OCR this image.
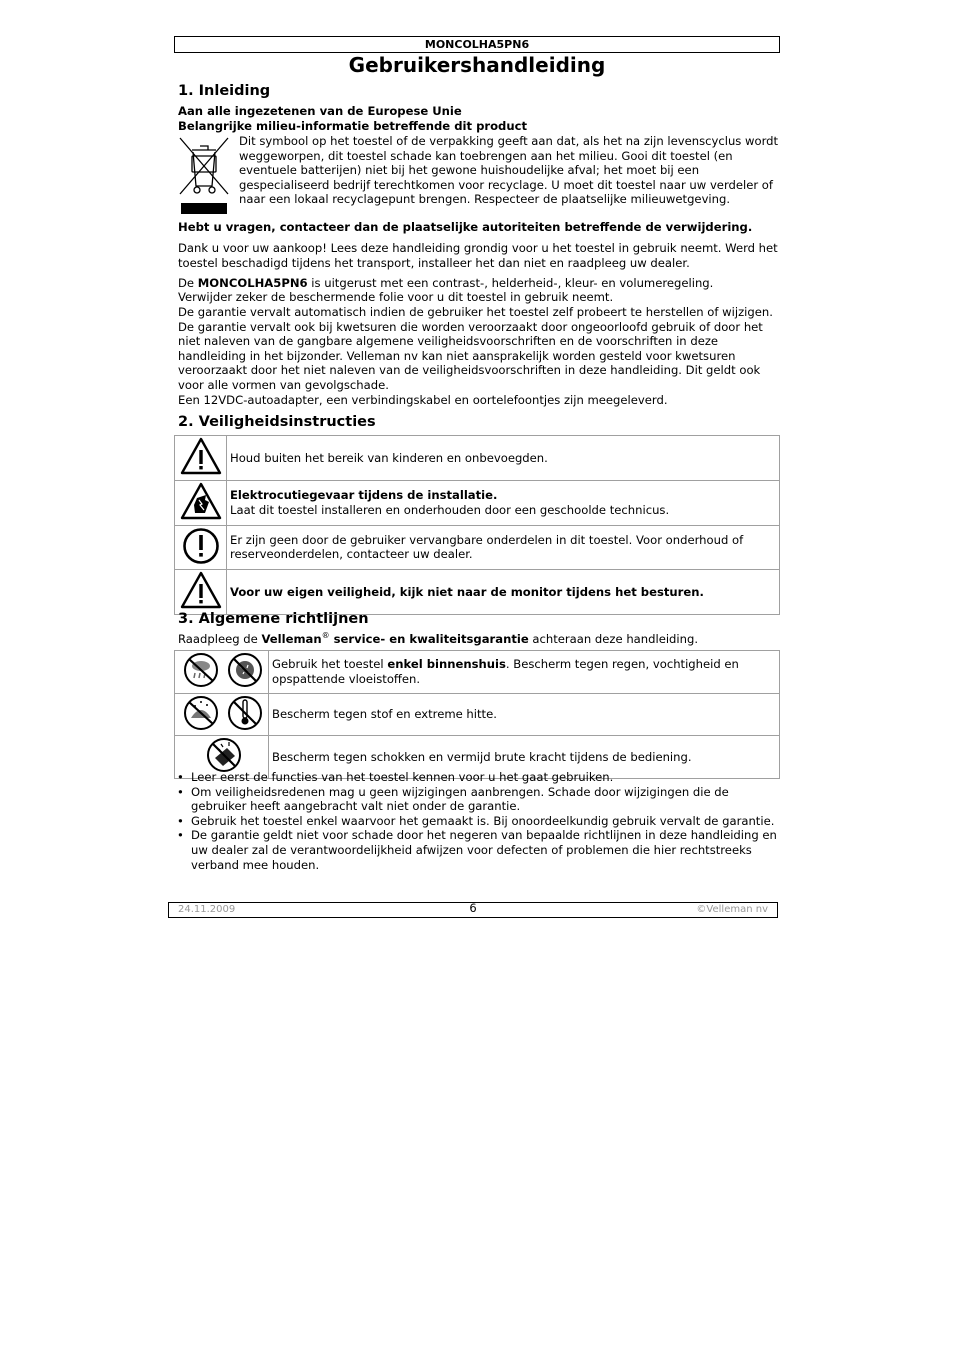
MONCOLHA5PN6
Gebruikershandleiding
1. Inleiding
Aan alle ingezetenen van de Europese Unie
Belangrijke milieu-informatie betreffende dit product
Dit symbool op het toestel of de verpakking geeft aan dat, als het na zijn levenscyclus wordt weggeworpen, dit toestel schade kan toebrengen aan het milieu. Gooi dit toestel (en eventuele batterijen) niet bij het gewone huishoudelijke afval; het moet bij een gespecialiseerd bedrijf terechtkomen voor recyclage. U moet dit toestel naar uw verdeler of naar een lokaal recyclagepunt brengen. Respecteer de plaatselijke milieuwetgeving.
Hebt u vragen, contacteer dan de plaatselijke autoriteiten betreffende de verwijdering.
Dank u voor uw aankoop! Lees deze handleiding grondig voor u het toestel in gebruik neemt. Werd het toestel beschadigd tijdens het transport, installeer het dan niet en raadpleeg uw dealer.
De MONCOLHA5PN6 is uitgerust met een contrast-, helderheid-, kleur- en volumeregeling.
Verwijder zeker de beschermende folie voor u dit toestel in gebruik neemt.
De garantie vervalt automatisch indien de gebruiker het toestel zelf probeert te herstellen of wijzigen. De garantie vervalt ook bij kwetsuren die worden veroorzaakt door ongeoorloofd gebruik of door het niet naleven van de gangbare algemene veiligheidsvoorschriften en de voorschriften in deze handleiding in het bijzonder. Velleman nv kan niet aansprakelijk worden gesteld voor kwetsuren veroorzaakt door het niet naleven van de veiligheidsvoorschriften in deze handleiding. Dit geldt ook voor alle vormen van gevolgschade.
Een 12VDC-autoadapter, een verbindingskabel en oortelefoontjes zijn meegeleverd.
2. Veiligheidsinstructies
	Houd buiten het bereik van kinderen en onbevoegden.
	Elektrocutiegevaar tijdens de installatie.
Laat dit toestel installeren en onderhouden door een geschoolde technicus.
	Er zijn geen door de gebruiker vervangbare onderdelen in dit toestel. Voor onderhoud of reserveonderdelen, contacteer uw dealer.
	Voor uw eigen veiligheid, kijk niet naar de monitor tijdens het besturen.
3. Algemene richtlijnen
Raadpleeg de Velleman® service- en kwaliteitsgarantie achteraan deze handleiding.
	Gebruik het toestel enkel binnenshuis. Bescherm tegen regen, vochtigheid en opspattende vloeistoffen.
	Bescherm tegen stof en extreme hitte.
	Bescherm tegen schokken en vermijd brute kracht tijdens de bediening.
• Leer eerst de functies van het toestel kennen voor u het gaat gebruiken.
• Om veiligheidsredenen mag u geen wijzigingen aanbrengen. Schade door wijzigingen die de gebruiker heeft aangebracht valt niet onder de garantie.
• Gebruik het toestel enkel waarvoor het gemaakt is. Bij onoordeelkundig gebruik vervalt de garantie.
• De garantie geldt niet voor schade door het negeren van bepaalde richtlijnen in deze handleiding en uw dealer zal de verantwoordelijkheid afwijzen voor defecten of problemen die hier rechtstreeks verband mee houden.
24.11.2009	6	©Velleman nv
